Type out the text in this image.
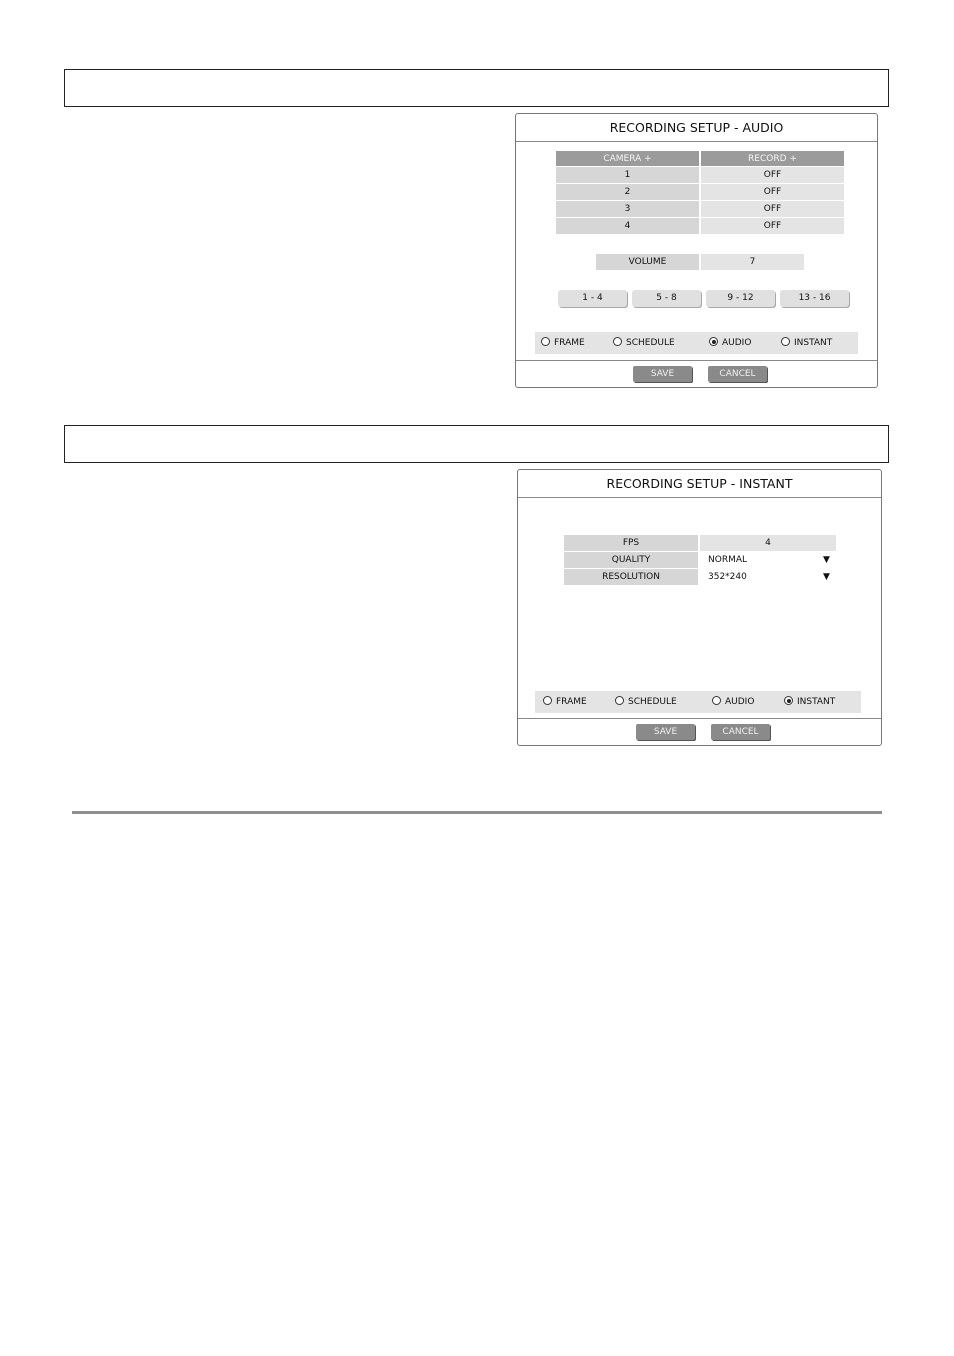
RECORDING SETUP - AUDIO
CAMERA +	RECORD +
1	OFF
2	OFF
3	OFF
4	OFF
VOLUME	7
1 - 4	5 - 8	9 - 12	13 - 16
FRAME	SCHEDULE	AUDIO	INSTANT
SAVE	CANCEL
RECORDING SETUP - INSTANT
FPS	4
QUALITY	NORMAL	▼
RESOLUTION	352*240	▼
FRAME	SCHEDULE	AUDIO	INSTANT
SAVE	CANCEL
